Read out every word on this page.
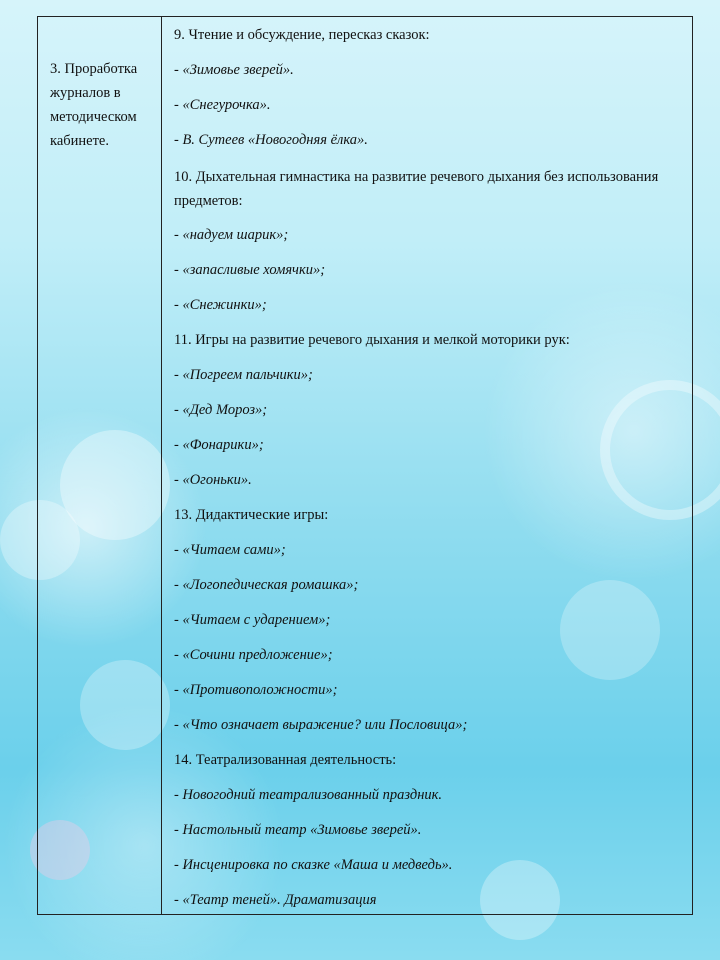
3. Проработка
журналов в
методическом
кабинете.
9. Чтение и обсуждение, пересказ сказок:
- «Зимовье зверей».
- «Снегурочка».
- В. Сутеев «Новогодняя ёлка».
10. Дыхательная гимнастика на развитие речевого дыхания без использования предметов:
- «надуем шарик»;
- «запасливые хомячки»;
- «Снежинки»;
11. Игры на развитие речевого дыхания и мелкой моторики рук:
- «Погреем пальчики»;
- «Дед Мороз»;
- «Фонарики»;
- «Огоньки».
13. Дидактические игры:
- «Читаем сами»;
- «Логопедическая ромашка»;
- «Читаем с ударением»;
- «Сочини предложение»;
- «Противоположности»;
- «Что означает выражение? или Пословица»;
14. Театрализованная деятельность:
- Новогодний театрализованный праздник.
- Настольный театр «Зимовье зверей».
- Инсценировка по сказке «Маша и медведь».
- «Театр теней». Драматизация
